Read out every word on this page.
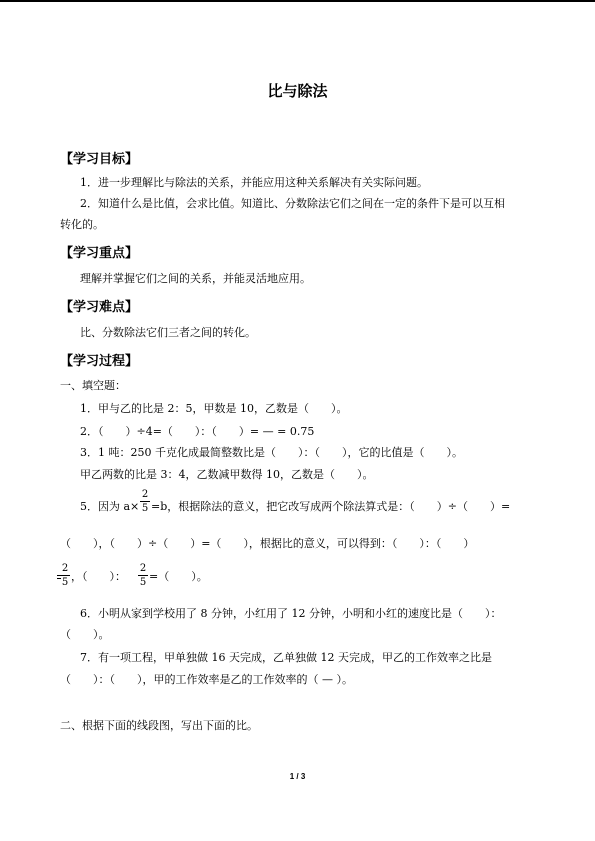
比与除法
【学习目标】
1．进一步理解比与除法的关系，并能应用这种关系解决有关实际问题。
2．知道什么是比值，会求比值。知道比、分数除法它们之间在一定的条件下是可以互相
转化的。
【学习重点】
理解并掌握它们之间的关系，并能灵活地应用。
【学习难点】
比、分数除法它们三者之间的转化。
【学习过程】
一、填空题：
1．甲与乙的比是 2：5，甲数是 10，乙数是（　　）。
2．（　　）÷4=（　　）：（　　）= — = 0.75
3．1 吨：250 千克化成最简整数比是（　　）：（　　），它的比值是（　　）。
甲乙两数的比是 3：4，乙数减甲数得 10，乙数是（　　）。
5．因为 a×
2
5 =b，根据除法的意义，把它改写成两个除法算式是：（　　）÷（　　）=
（　　），（　　）÷（　　）=（　　），根据比的意义，可以得到：（　　）：（　　）
2
5 ，（　　）：
2
5 =（　　）。
6．小明从家到学校用了 8 分钟，小红用了 12 分钟，小明和小红的速度比是（　　）：
（　　）。
7．有一项工程，甲单独做 16 天完成，乙单独做 12 天完成，甲乙的工作效率之比是
（　　）：（　　），甲的工作效率是乙的工作效率的（ — ）。
二、根据下面的线段图，写出下面的比。
1 / 3
